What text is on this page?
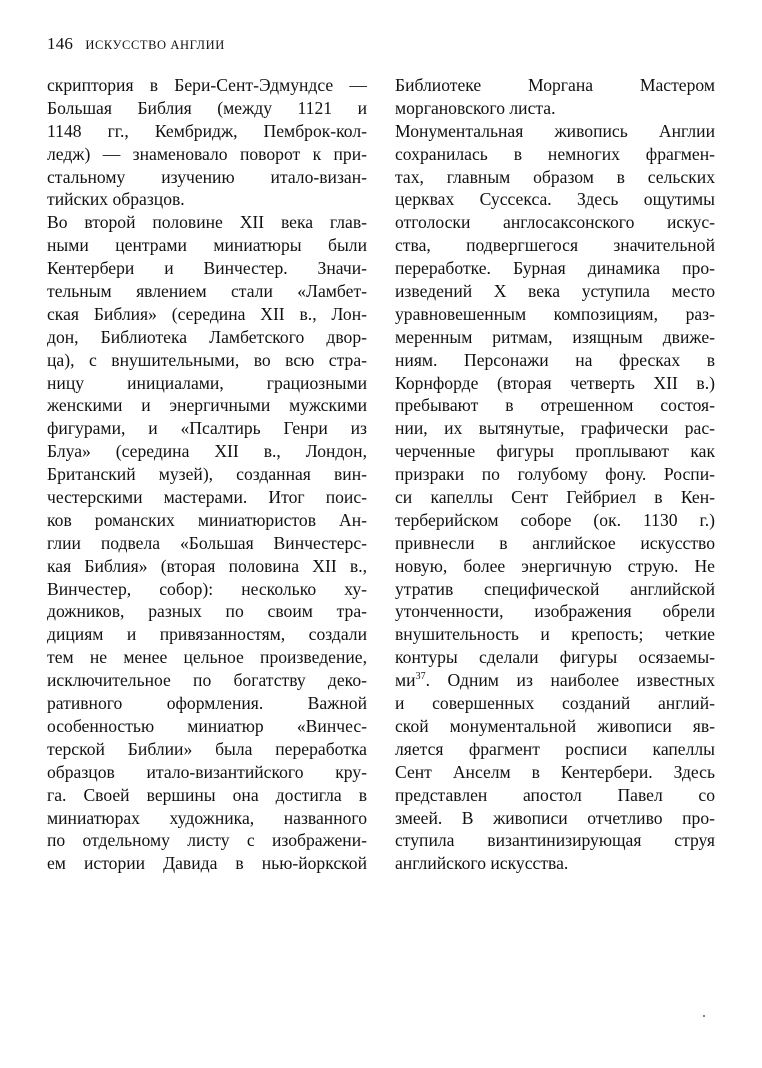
146 ИСКУССТВО АНГЛИИ
скриптория в Бери-Сент-Эдмундсе —
Большая Библия (между 1121 и
1148 гг., Кембридж, Пемброк-кол-
ледж) — знаменовало поворот к при-
стальному изучению итало-визан-
тийских образцов.
Во второй половине XII века глав-
ными центрами миниатюры были
Кентербери и Винчестер. Значи-
тельным явлением стали «Ламбет-
ская Библия» (середина XII в., Лон-
дон, Библиотека Ламбетского двор-
ца), с внушительными, во всю стра-
ницу инициалами, грациозными
женскими и энергичными мужскими
фигурами, и «Псалтирь Генри из
Блуа» (середина XII в., Лондон,
Британский музей), созданная вин-
честерскими мастерами. Итог поис-
ков романских миниатюристов Ан-
глии подвела «Большая Винчестерс-
кая Библия» (вторая половина XII в.,
Винчестер, собор): несколько ху-
дожников, разных по своим тра-
дициям и привязанностям, создали
тем не менее цельное произведение,
исключительное по богатству деко-
ративного оформления. Важной
особенностью миниатюр «Винчес-
терской Библии» была переработка
образцов итало-византийского кру-
га. Своей вершины она достигла в
миниатюрах художника, названного
по отдельному листу с изображени-
ем истории Давида в нью-йоркской
Библиотеке Моргана Мастером
моргановского листа.
Монументальная живопись Англии
сохранилась в немногих фрагмен-
тах, главным образом в сельских
церквах Суссекса. Здесь ощутимы
отголоски англосаксонского искус-
ства, подвергшегося значительной
переработке. Бурная динамика про-
изведений X века уступила место
уравновешенным композициям, раз-
меренным ритмам, изящным движе-
ниям. Персонажи на фресках в
Корнфорде (вторая четверть XII в.)
пребывают в отрешенном состоя-
нии, их вытянутые, графически рас-
черченные фигуры проплывают как
призраки по голубому фону. Роспи-
си капеллы Сент Гейбриел в Кен-
терберийском соборе (ок. 1130 г.)
привнесли в английское искусство
новую, более энергичную струю. Не
утратив специфической английской
утонченности, изображения обрели
внушительность и крепость; четкие
контуры сделали фигуры осязаемы-
$ми^{37}$. Одним из наиболее известных
и совершенных созданий англий-
ской монументальной живописи яв-
ляется фрагмент росписи капеллы
Сент Анселм в Кентербери. Здесь
представлен апостол Павел со
змеей. В живописи отчетливо про-
ступила византинизирующая струя
английского искусства.
